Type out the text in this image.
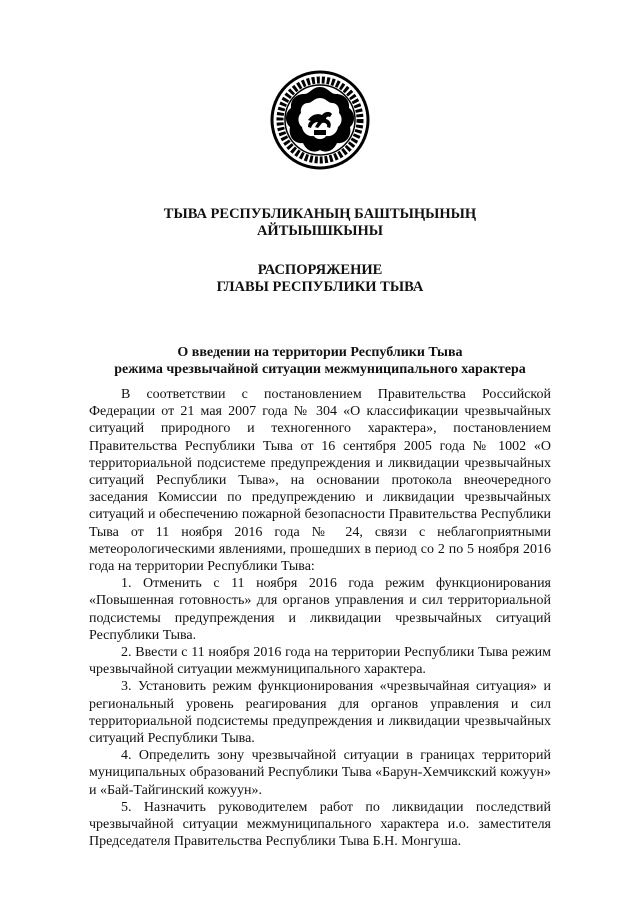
ТЫВА РЕСПУБЛИКАНЫҢ БАШТЫҢЫНЫҢ
АЙТЫЫШКЫНЫ
РАСПОРЯЖЕНИЕ
ГЛАВЫ РЕСПУБЛИКИ ТЫВА
О введении на территории Республики Тыва
режима чрезвычайной ситуации межмуниципального характера

В соответствии с постановлением Правительства Российской Федерации от 21 мая 2007 года № 304 «О классификации чрезвычайных ситуаций природного и техногенного характера», постановлением Правительства Республики Тыва от 16 сентября 2005 года № 1002 «О территориальной подсистеме предупреждения и ликвидации чрезвычайных ситуаций Республики Тыва», на основании протокола внеочередного заседания Комиссии по предупреждению и ликвидации чрезвычайных ситуаций и обеспечению пожарной безопасности Правительства Республики Тыва от 11 ноября 2016 года № 24, связи с неблагоприятными метеорологическими явлениями, прошедших в период со 2 по 5 ноября 2016 года на территории Республики Тыва:

1. Отменить с 11 ноября 2016 года режим функционирования «Повышенная готовность» для органов управления и сил территориальной подсистемы предупреждения и ликвидации чрезвычайных ситуаций Республики Тыва.

2. Ввести с 11 ноября 2016 года на территории Республики Тыва режим чрезвычайной ситуации межмуниципального характера.

3. Установить режим функционирования «чрезвычайная ситуация» и региональный уровень реагирования для органов управления и сил территориальной подсистемы предупреждения и ликвидации чрезвычайных ситуаций Республики Тыва.

4. Определить зону чрезвычайной ситуации в границах территорий муниципальных образований Республики Тыва «Барун-Хемчикский кожуун» и «Бай-Тайгинский кожуун».

5. Назначить руководителем работ по ликвидации последствий чрезвычайной ситуации межмуниципального характера и.о. заместителя Председателя Правительства Республики Тыва Б.Н. Монгуша.
